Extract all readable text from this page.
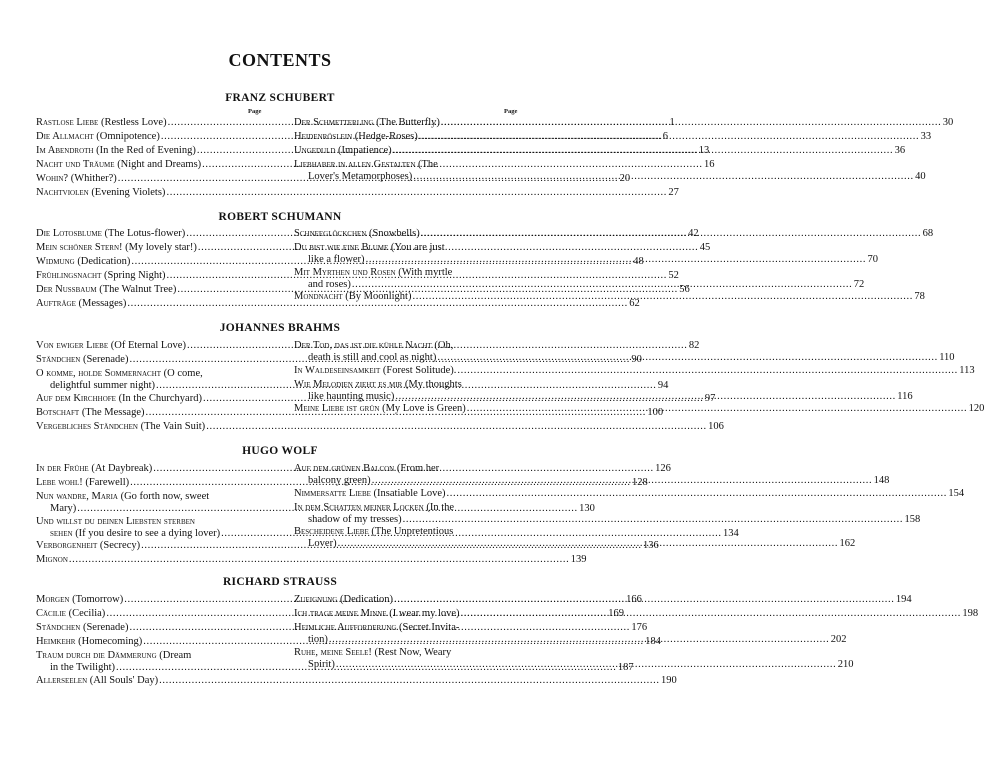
CONTENTS
FRANZ SCHUBERT
Page	Page
Rastlose Liebe (Restless Love) . . .	1
Die Allmacht (Omnipotence) . . .	6
Im Abendroth (In the Red of Evening) . . .	13
Nacht und Träume (Night and Dreams) . . .	16
Wohin? (Whither?) . . .	20
Nachtviolen (Evening Violets) . . .	27
Der Schmetterling (The Butterfly) . . .	30
Heidenröslein (Hedge-Roses) . . .	33
Ungeduld (Impatience) . . .	36
Liebhaber in allen Gestalten (The
Lover's Metamorphoses) . . .	40
ROBERT SCHUMANN
Die Lotosblume (The Lotus-flower) . . .	42
Mein schöner Stern! (My lovely star!) . . .	45
Widmung (Dedication) . . .	48
Frühlingsnacht (Spring Night) . . .	52
Der Nussbaum (The Walnut Tree) . . .	56
Aufträge (Messages) . . .	62
Schneeglöckchen (Snowbells) . . .	68
Du bist wie eine Blume (You are just
like a flower) . . .	70
Mit Myrthen und Rosen (With myrtle
and roses) . . .	72
Mondnacht (By Moonlight) . . .	78
JOHANNES BRAHMS
Von ewiger Liebe (Of Eternal Love) . . .	82
Ständchen (Serenade) . . .	90
O komme, holde Sommernacht (O come,
delightful summer night) . . .	94
Auf dem Kirchhofe (In the Churchyard) . . .	97
Botschaft (The Message) . . .	100
Vergebliches Ständchen (The Vain Suit) . . .	106
Der Tod, das ist die kühle Nacht (Oh,
death is still and cool as night) . . .	110
In Waldeseinsamkeit (Forest Solitude). . . .	113
Wie Melodien zieht es mir (My thoughts
like haunting music) . . .	116
Meine Liebe ist grün (My Love is Green) . . .	120
HUGO WOLF
In der Frühe (At Daybreak) . . .	126
Lebe wohl! (Farewell) . . .	128
Nun wandre, Maria (Go forth now, sweet
Mary) . . .	130
Und willst du deinen Liebsten sterben
sehen (If you desire to see a dying lover) . . .	134
Verborgenheit (Secrecy) . . .	136
Mignon . . .	139
Auf dem grünen Balcon (From her
balcony green) . . .	148
Nimmersatte Liebe (Insatiable Love) . . .	154
In dem Schatten meiner Locken (In the
shadow of my tresses) . . .	158
Bescheidene Liebe (The Unpretentious
Lover) . . .	162
RICHARD STRAUSS
Morgen (Tomorrow) . . .	166
Cäcilie (Cecilia) . . .	169
Ständchen (Serenade) . . .	176
Heimkehr (Homecoming) . . .	184
Traum durch die Dämmerung (Dream
in the Twilight) . . .	187
Allerseelen (All Souls' Day) . . .	190
Zueignung (Dedication) . . .	194
Ich trage meine Minne (I wear my love) . . .	198
Heimliche Aufforderung (Secret Invita-
tion) . . .	202
Ruhe, meine Seele! (Rest Now, Weary
Spirit) . . .	210
